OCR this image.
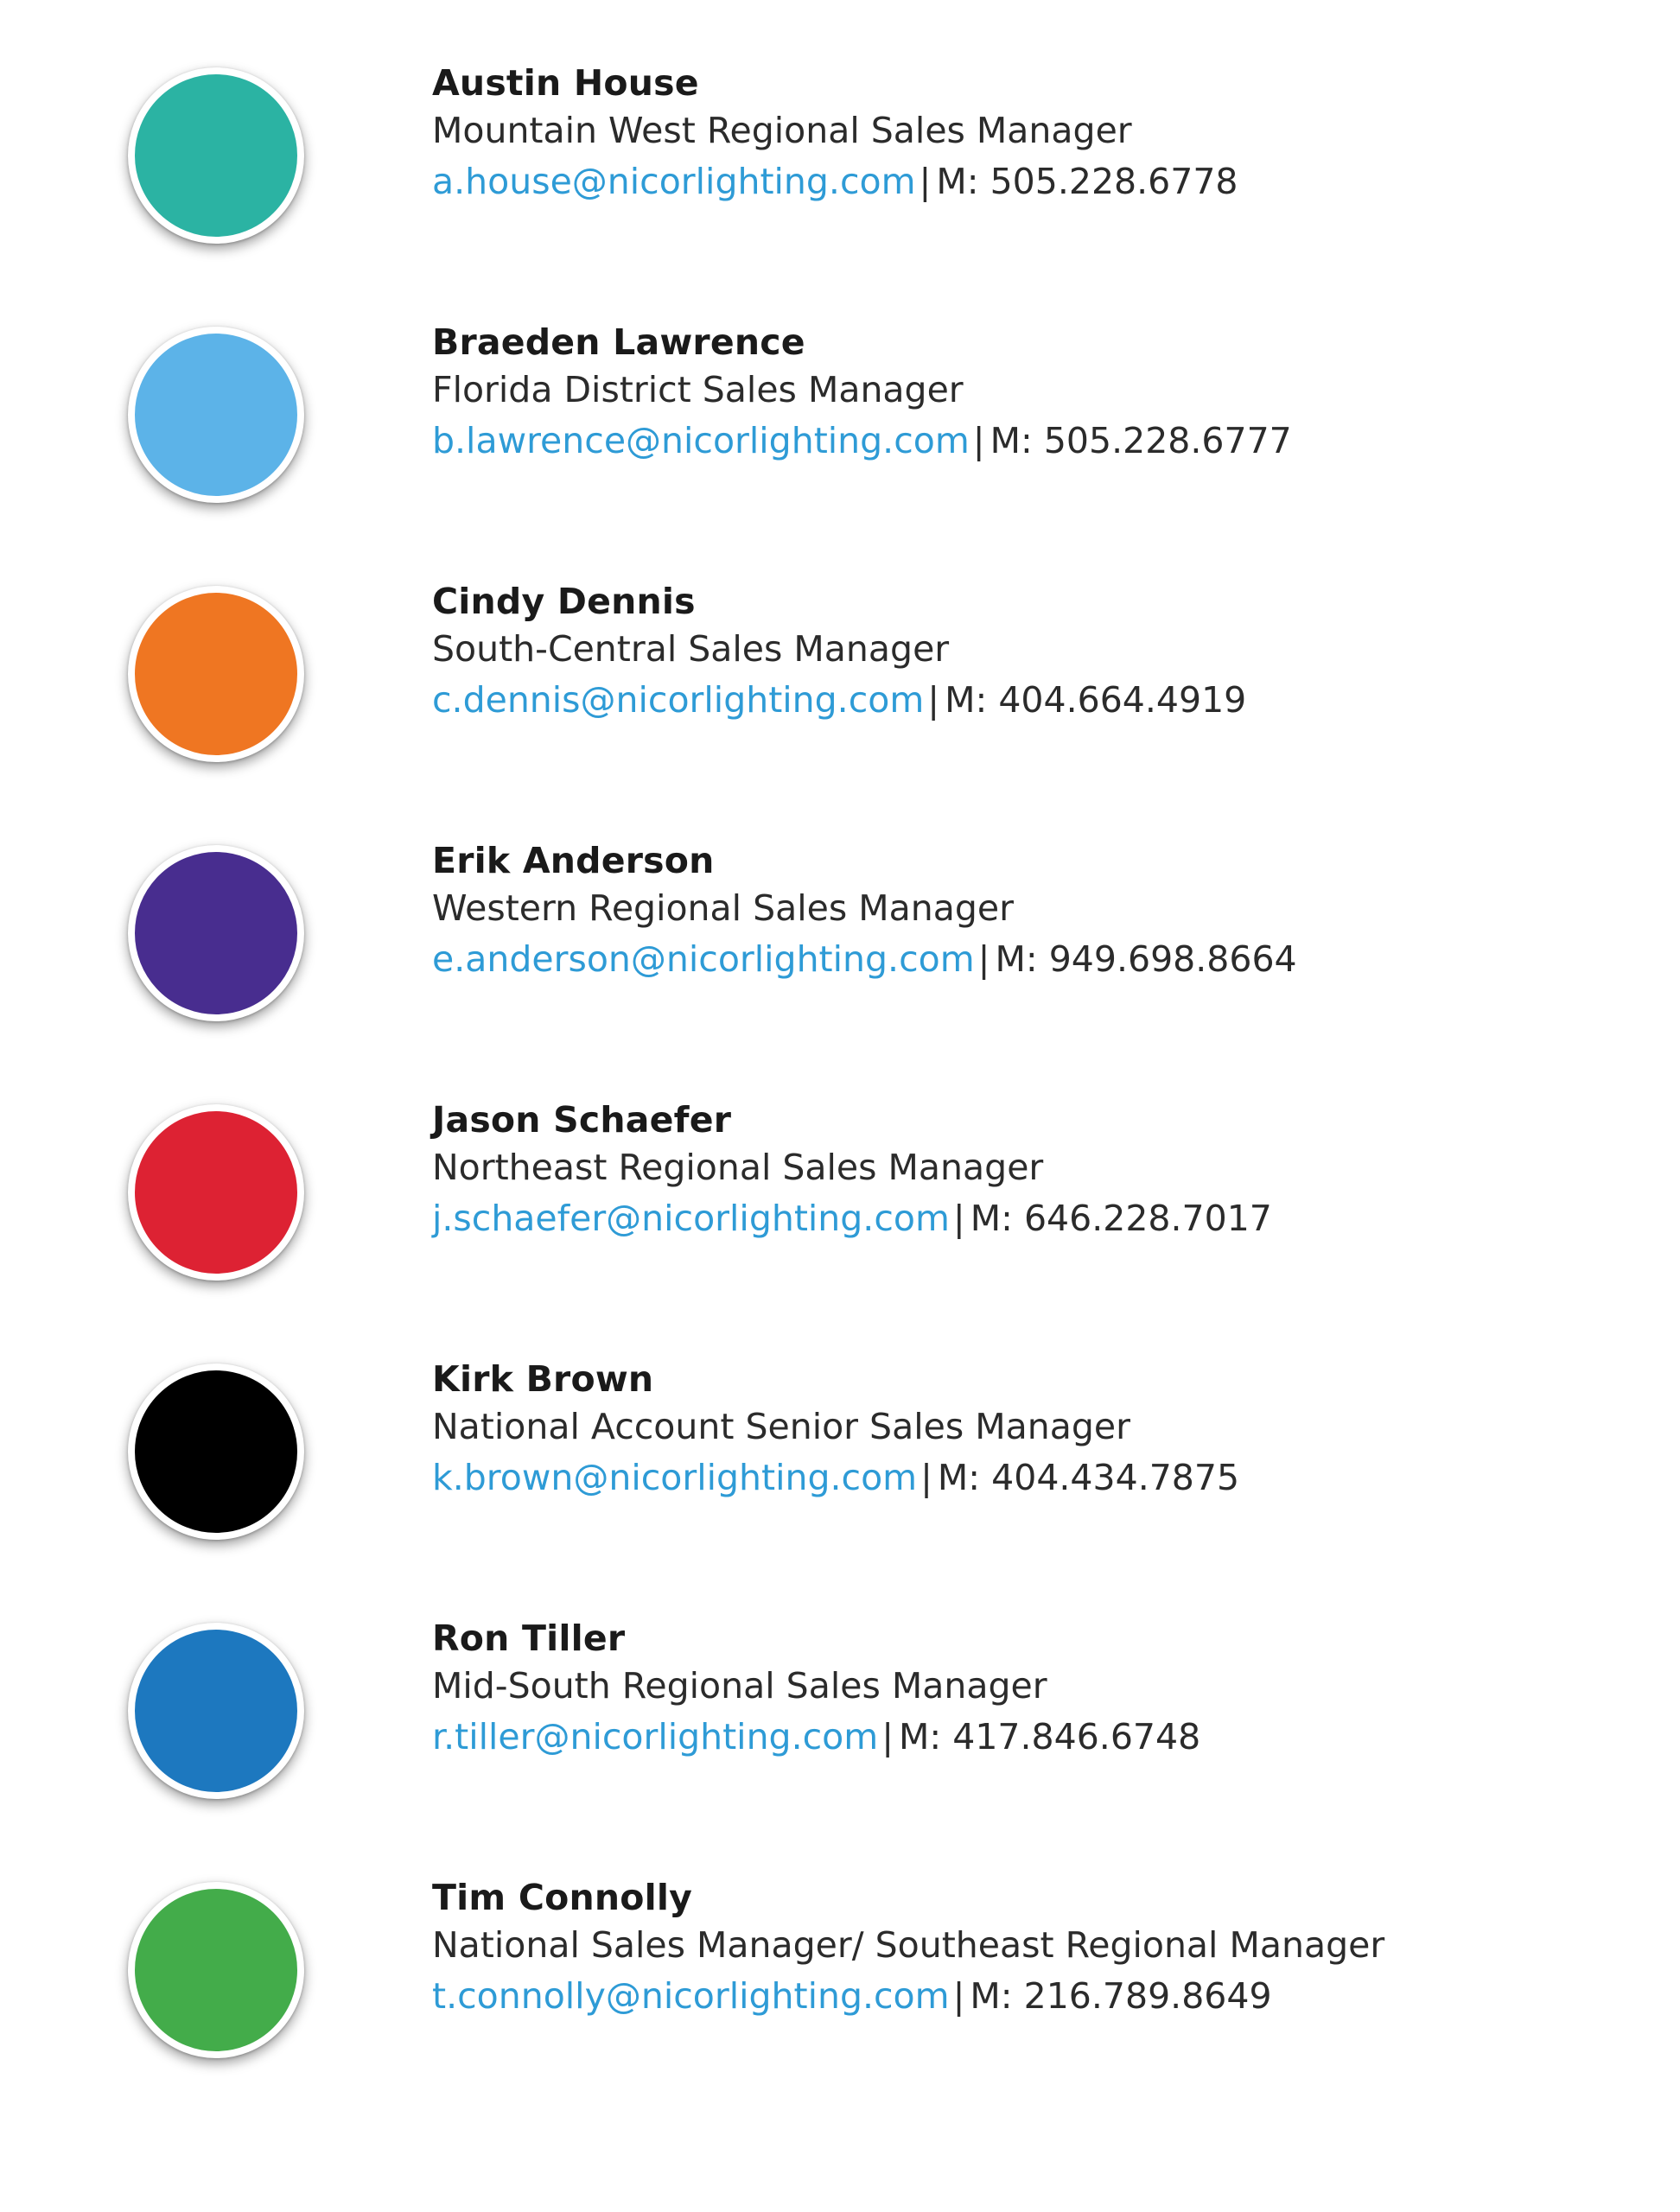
Austin House
Mountain West Regional Sales Manager
a.house@nicorlighting.com| M: 505.228.6778
Braeden Lawrence
Florida District Sales Manager
b.lawrence@nicorlighting.com| M: 505.228.6777
Cindy Dennis
South-Central Sales Manager
c.dennis@nicorlighting.com| M: 404.664.4919
Erik Anderson
Western Regional Sales Manager
e.anderson@nicorlighting.com| M: 949.698.8664
Jason Schaefer
Northeast Regional Sales Manager
j.schaefer@nicorlighting.com| M: 646.228.7017
Kirk Brown
National Account Senior Sales Manager
k.brown@nicorlighting.com| M: 404.434.7875
Ron Tiller
Mid-South Regional Sales Manager
r.tiller@nicorlighting.com| M: 417.846.6748
Tim Connolly
National Sales Manager/ Southeast Regional Manager
t.connolly@nicorlighting.com| M: 216.789.8649
